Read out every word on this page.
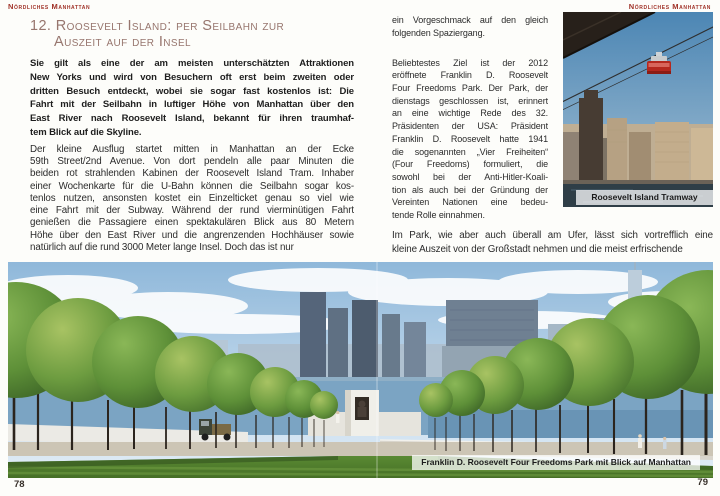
Nördliches Manhattan	Nördliches Manhattan
12. Roosevelt Island: per Seilbahn zur
Auszeit auf der Insel
Sie gilt als eine der am meisten unterschätzten Attraktionen
New Yorks und wird von Besuchern oft erst beim zweiten oder
dritten Besuch entdeckt, wobei sie sogar fast kostenlos ist: Die
Fahrt mit der Seilbahn in luftiger Höhe von Manhattan über den
East River nach Roosevelt Island, bekannt für ihren traumhaf-
tem Blick auf die Skyline.
Der kleine Ausflug startet mitten in Manhattan an der Ecke
59th Street/2nd Avenue. Von dort pendeln alle paar Minuten die
beiden rot strahlenden Kabinen der Roosevelt Island Tram. Inhaber
einer Wochenkarte für die U-Bahn können die Seilbahn sogar kos-
tenlos nutzen, ansonsten kostet ein Einzelticket genau so viel wie
eine Fahrt mit der Subway. Während der rund vierminütigen Fahrt
genießen die Passagiere einen spektakulären Blick aus 80 Metern
Höhe über den East River und die angrenzenden Hochhäuser sowie
natürlich auf die rund 3000 Meter lange Insel. Doch das ist nur
ein Vorgeschmack auf den gleich
folgenden Spaziergang.
Beliebtestes Ziel ist der 2012
eröffnete Franklin D. Roosevelt
Four Freedoms Park. Der Park, der
dienstags geschlossen ist, erinnert
an eine wichtige Rede des 32.
Präsidenten der USA: Präsident
Franklin D. Roosevelt hatte 1941
die sogenannten „Vier Freiheiten“
(Four Freedoms) formuliert, die
sowohl bei der Anti-Hitler-Koali-
tion als auch bei der Gründung der
Vereinten Nationen eine bedeu-
tende Rolle einnahmen.
Im Park, wie aber auch überall am Ufer, lässt sich vortrefflich eine
kleine Auszeit von der Großstadt nehmen und die meist erfrischende
Roosevelt Island Tramway
Franklin D. Roosevelt Four Freedoms Park mit Blick auf Manhattan
78	79
